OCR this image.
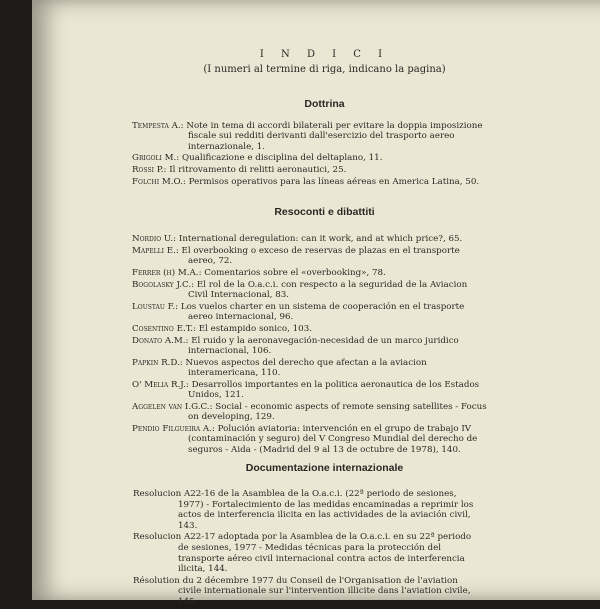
I N D I C I
(I numeri al termine di riga, indicano la pagina)
Dottrina
Tempesta A.: Note in tema di accordi bilaterali per evitare la doppia imposizione fiscale sui redditi derivanti dall'esercizio del trasporto aereo internazionale, 1.
Grigoli M.: Qualificazione e disciplina del deltaplano, 11.
Rossi P.: Il ritrovamento di relitti aeronautici, 25.
Folchi M.O.: Permisos operativos para las líneas aéreas en America Latina, 50.
Resoconti e dibattiti
Nordio U.: International deregulation: can it work, and at which price?, 65.
Mapelli E.: El overbooking o exceso de reservas de plazas en el transporte aereo, 72.
Ferrer (h) M.A.: Comentarios sobre el «overbooking», 78.
Bogolasky J.C.: El rol de la O.a.c.i. con respecto a la seguridad de la Aviacion Civil Internacional, 83.
Loustau F.: Los vuelos charter en un sistema de cooperación en el trasporte aereo internacional, 96.
Cosentino E.T.: El estampido sonico, 103.
Donato A.M.: El ruido y la aeronavegación-necesidad de un marco juridico internacional, 106.
Papkin R.D.: Nuevos aspectos del derecho que afectan a la aviacion interamericana, 110.
O' Melia R.J.: Desarrollos importantes en la politica aeronautica de los Estados Unidos, 121.
Aggelen van I.G.C.: Social - economic aspects of remote sensing satellites - Focus on developing, 129.
Pendio Filgueira A.: Polución aviatoria: intervención en el grupo de trabajo IV (contaminación y seguro) del V Congreso Mundial del derecho de seguros - Aida - (Madrid del 9 al 13 de octubre de 1978), 140.
Documentazione internazionale
Resolucion A22-16 de la Asamblea de la O.a.c.i. (22ª periodo de sesiones, 1977) - Fortalecimiento de las medidas encaminadas a reprimir los actos de interferencia ilicita en las actividades de la aviación civil, 143.
Resolucion A22-17 adoptada por la Asamblea de la O.a.c.i. en su 22ª periodo de sesiones, 1977 - Medidas técnicas para la protección del transporte aéreo civil internacional contra actos de interferencia ilicita, 144.
Résolution du 2 décembre 1977 du Conseil de l'Organisation de l'aviation civile internationale sur l'intervention illicite dans l'aviation civile, 145.
